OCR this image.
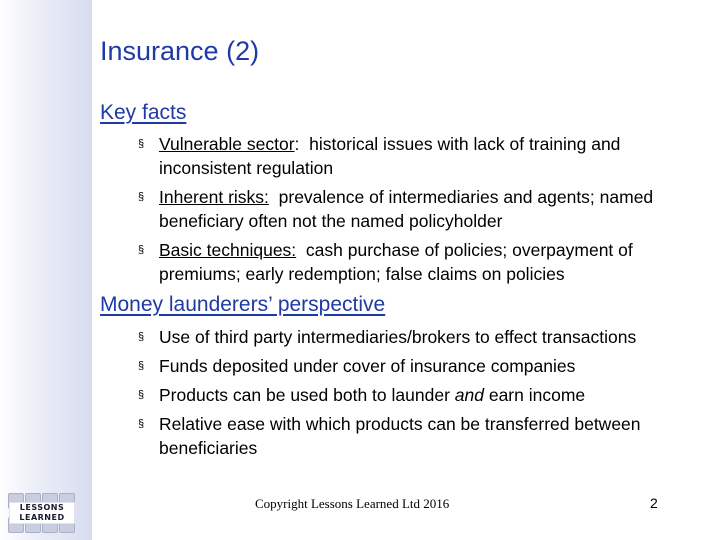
Insurance (2)
Key facts
§ Vulnerable sector:  historical issues with lack of training and inconsistent regulation
§ Inherent risks:  prevalence of intermediaries and agents; named beneficiary often not the named policyholder
§ Basic techniques:  cash purchase of policies; overpayment of premiums; early redemption; false claims on policies
Money launderers’ perspective
§ Use of third party intermediaries/brokers to effect transactions
§ Funds deposited under cover of insurance companies
§ Products can be used both to launder and earn income
§ Relative ease with which products can be transferred between beneficiaries
LESSONS
LEARNED
Copyright Lessons Learned Ltd 2016	2
